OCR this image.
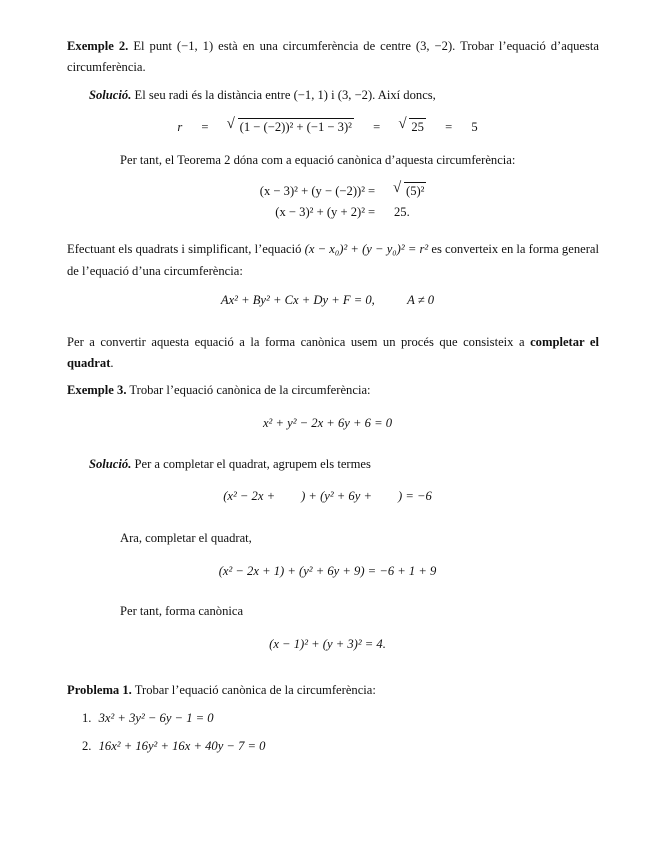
Exemple 2. El punt (−1, 1) està en una circumferència de centre (3, −2). Trobar l’equació d’aquesta circumferència.
Solució. El seu radi és la distància entre (−1, 1) i (3, −2). Així doncs,
r = √ (1 − (−2))² + (−1 − 3)² = √ 25 = 5
Per tant, el Teorema 2 dóna com a equació canònica d’aquesta circumferència:
(x − 3)² + (y − (−2))² =	√ (5)²
(x − 3)² + (y + 2)² = 25.
Efectuant els quadrats i simplificant, l’equació (x − x₀)² + (y − y₀)² = r² es converteix en la forma general de l’equació d’una circumferència:
Ax² + By² + Cx + Dy + F = 0,	A ≠ 0
Per a convertir aquesta equació a la forma canònica usem un procés que consisteix a completar el quadrat.
Exemple 3. Trobar l’equació canònica de la circumferència:
x² + y² − 2x + 6y + 6 = 0
Solució. Per a completar el quadrat, agrupem els termes
(x² − 2x + ) + (y² + 6y + ) = −6
Ara, completar el quadrat,
(x² − 2x + 1) + (y² + 6y + 9) = −6 + 1 + 9
Per tant, forma canònica
(x − 1)² + (y + 3)² = 4.
Problema 1. Trobar l’equació canònica de la circumferència:
1. 3x² + 3y² − 6y − 1 = 0
2. 16x² + 16y² + 16x + 40y − 7 = 0
